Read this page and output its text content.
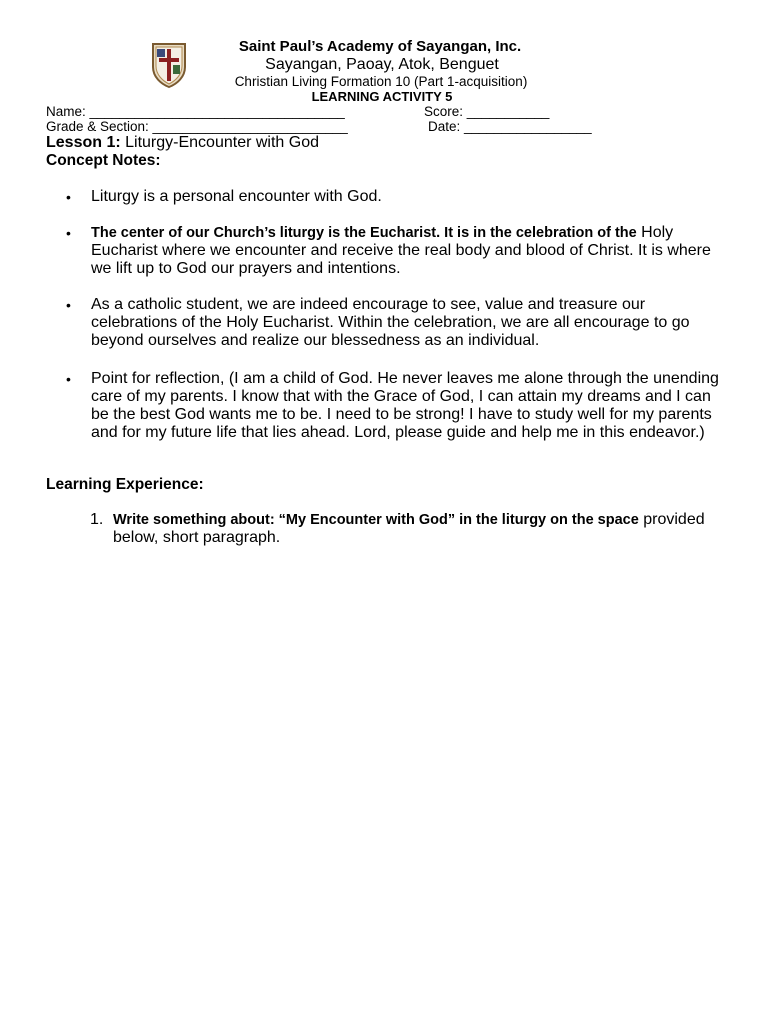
Saint Paul’s Academy of Sayangan, Inc.
Sayangan, Paoay, Atok, Benguet
Christian Living Formation 10 (Part 1-acquisition)
LEARNING ACTIVITY 5
Name: __________________________________	Score: ___________
Grade & Section: __________________________	Date: _________________
Lesson 1: Liturgy-Encounter with God
Concept Notes:
• Liturgy is a personal encounter with God.
• The center of our Church’s liturgy is the Eucharist. It is in the celebration of the Holy Eucharist where we encounter and receive the real body and blood of Christ. It is where we lift up to God our prayers and intentions.
• As a catholic student, we are indeed encourage to see, value and treasure our celebrations of the Holy Eucharist. Within the celebration, we are all encourage to go beyond ourselves and realize our blessedness as an individual.
• Point for reflection, (I am a child of God. He never leaves me alone through the unending care of my parents. I know that with the Grace of God, I can attain my dreams and I can be the best God wants me to be. I need to be strong! I have to study well for my parents and for my future life that lies ahead. Lord, please guide and help me in this endeavor.)
Learning Experience:
1. Write something about: “My Encounter with God” in the liturgy on the space provided below, short paragraph.
